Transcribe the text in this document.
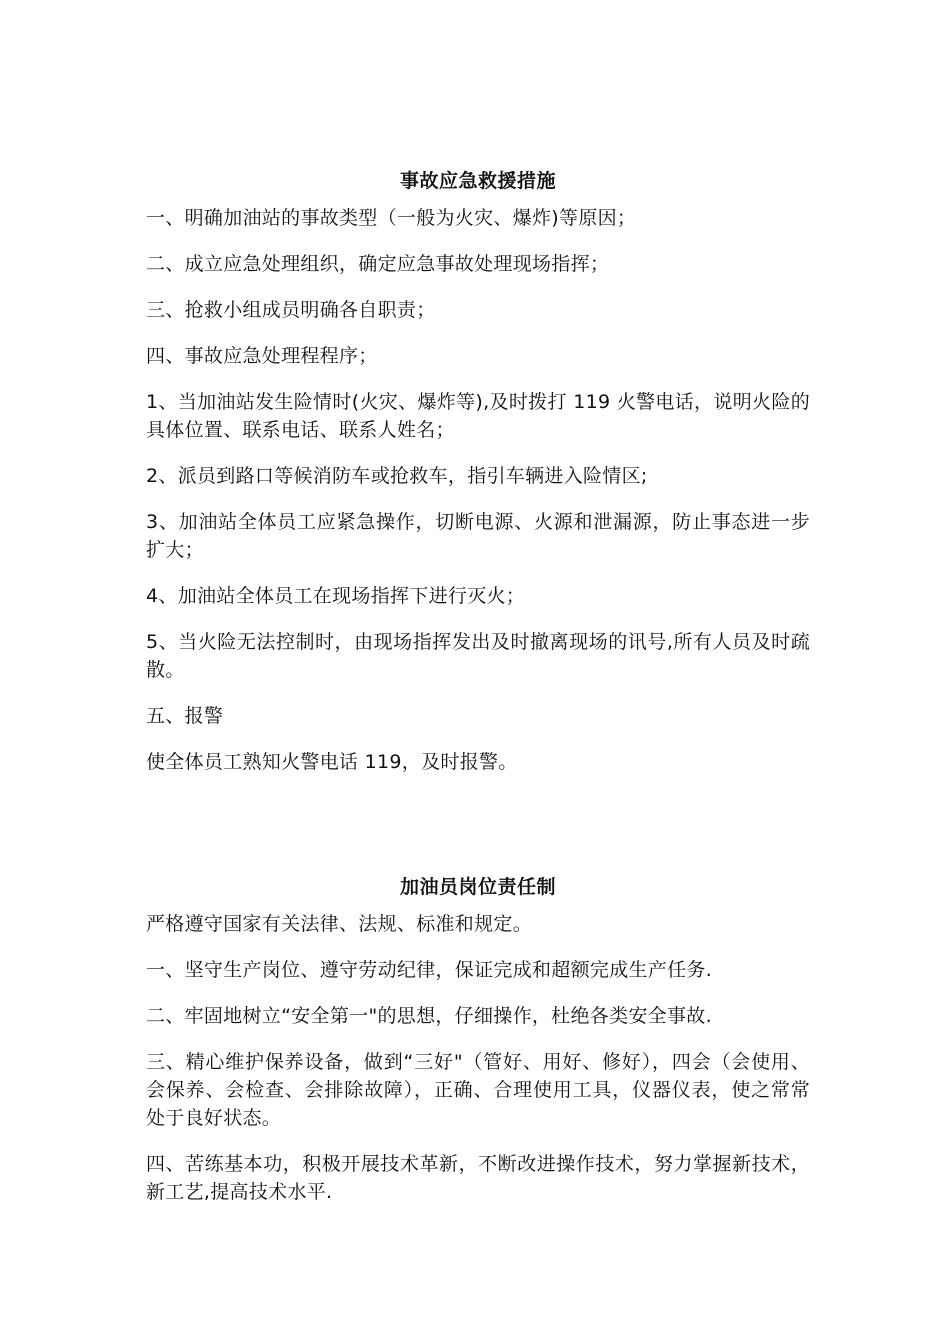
事故应急救援措施

一、明确加油站的事故类型（一般为火灾、爆炸)等原因；

二、成立应急处理组织，确定应急事故处理现场指挥；

三、抢救小组成员明确各自职责；

四、事故应急处理程程序；

1、当加油站发生险情时(火灾、爆炸等),及时拨打 119 火警电话，说明火险的具体位置、联系电话、联系人姓名；

2、派员到路口等候消防车或抢救车，指引车辆进入险情区;

3、加油站全体员工应紧急操作，切断电源、火源和泄漏源，防止事态进一步扩大；

4、加油站全体员工在现场指挥下进行灭火；

5、当火险无法控制时，由现场指挥发出及时撤离现场的讯号,所有人员及时疏散。

五、报警

使全体员工熟知火警电话 119，及时报警。

加油员岗位责任制

严格遵守国家有关法律、法规、标准和规定。

一、坚守生产岗位、遵守劳动纪律，保证完成和超额完成生产任务.

二、牢固地树立“安全第一"的思想，仔细操作，杜绝各类安全事故.

三、精心维护保养设备，做到“三好"（管好、用好、修好），四会（会使用、会保养、会检查、会排除故障），正确、合理使用工具，仪器仪表，使之常常处于良好状态。

四、苦练基本功，积极开展技术革新，不断改进操作技术，努力掌握新技术，新工艺,提高技术水平.
